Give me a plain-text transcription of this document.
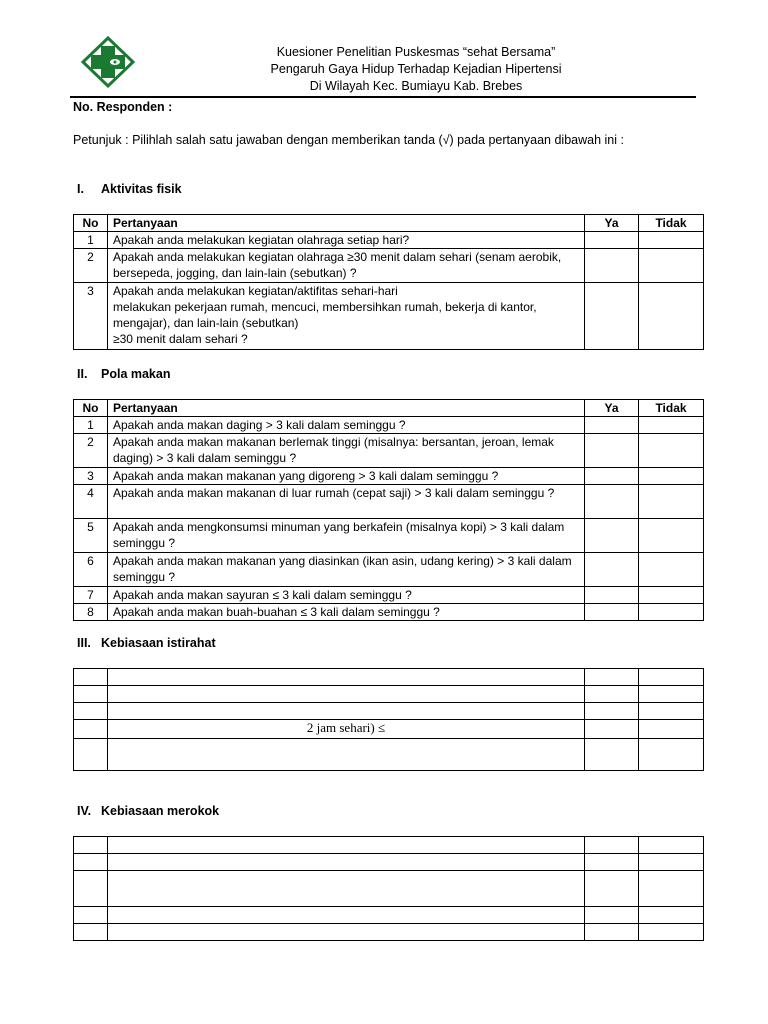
Kuesioner Penelitian Puskesmas “sehat Bersama”
Pengaruh Gaya Hidup Terhadap Kejadian Hipertensi
Di Wilayah Kec. Bumiayu Kab. Brebes
No. Responden :
Petunjuk : Pilihlah salah satu jawaban dengan memberikan tanda (√) pada pertanyaan dibawah ini :
I. Aktivitas fisik
No	Pertanyaan	Ya	Tidak
1	Apakah anda melakukan kegiatan olahraga setiap hari?		
2	Apakah anda melakukan kegiatan olahraga ≥30 menit dalam sehari (senam aerobik, bersepeda, jogging, dan lain-lain (sebutkan) ?		
3	Apakah anda melakukan kegiatan/aktifitas sehari-hari
melakukan pekerjaan rumah, mencuci, membersihkan rumah, bekerja di kantor, mengajar), dan lain-lain (sebutkan)
≥30 menit dalam sehari ?		
II. Pola makan
No	Pertanyaan	Ya	Tidak
1	Apakah anda makan daging > 3 kali dalam seminggu ?		
2	Apakah anda makan makanan berlemak tinggi (misalnya: bersantan, jeroan, lemak daging) > 3 kali dalam seminggu ?		
3	Apakah anda makan makanan yang digoreng > 3 kali dalam seminggu ?		
4	Apakah anda makan makanan di luar rumah (cepat saji) > 3 kali dalam seminggu ?		
5	Apakah anda mengkonsumsi minuman yang berkafein (misalnya kopi) > 3 kali dalam seminggu ?		
6	Apakah anda makan makanan yang diasinkan (ikan asin, udang kering) > 3 kali dalam seminggu ?		
7	Apakah anda makan sayuran ≤ 3 kali dalam seminggu ?		
8	Apakah anda makan buah-buahan ≤ 3 kali dalam seminggu ?		
III. Kebiasaan istirahat

	2 jam sehari) ≤		

IV. Kebiasaan merokok
